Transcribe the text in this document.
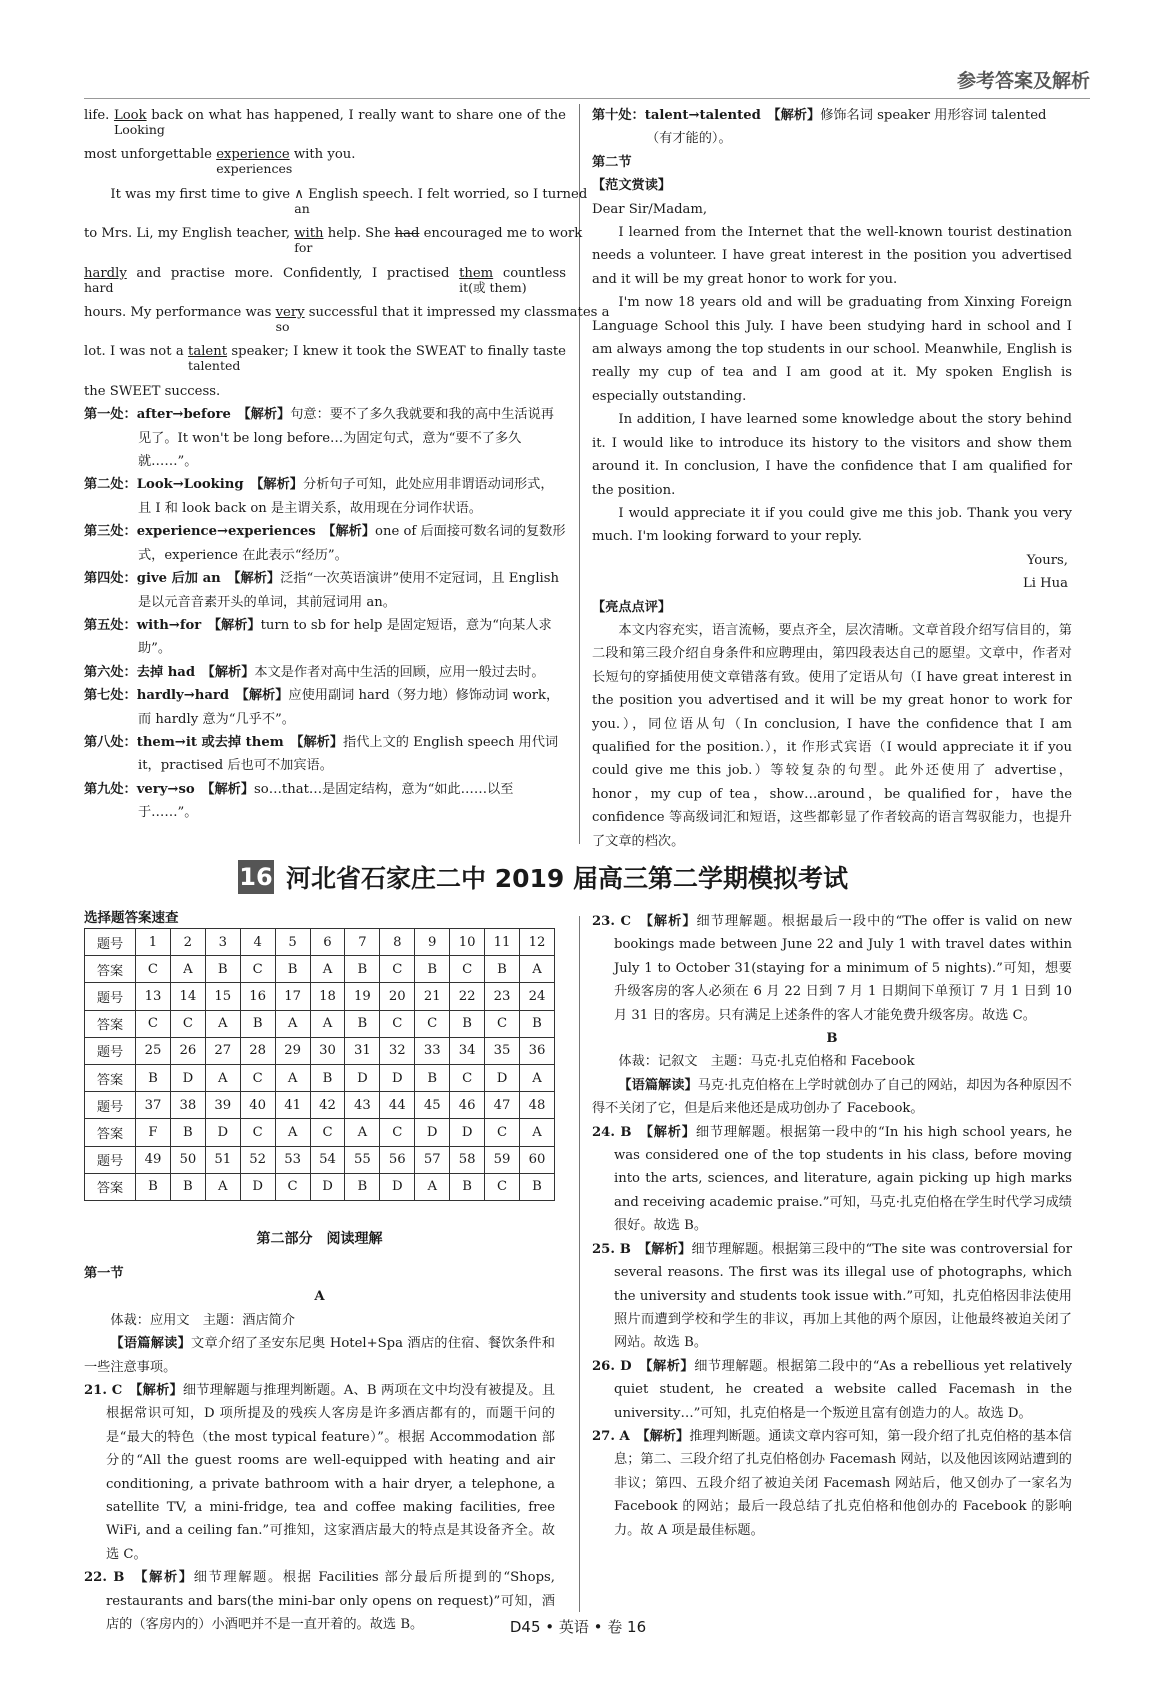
参考答案及解析
life. Look
Looking
back on what has happened, I really want to share one of the
most unforgettable experience
experiences
with you.
It was my first time to give ∧
an
English speech. I felt worried, so I turned
to Mrs. Li, my English teacher, with
for
help. She had encouraged me to work
hardly
hard
and practise more. Confidently, I practised them
it(或 them)
countless
hours. My performance was very
so
successful that it impressed my classmates a
lot. I was not a talent
talented
speaker; I knew it took the SWEAT to finally taste
the SWEET success.

第一处：after→before　 【解析】句意：要不了多久我就要和我的高中生活说再见了。It won't be long before…为固定句式，意为“要不了多久就……”。

第二处：Look→Looking　 【解析】分析句子可知，此处应用非谓语动词形式，且 I 和 look back on 是主谓关系，故用现在分词作状语。

第三处：experience→experiences　 【解析】one of 后面接可数名词的复数形式，experience 在此表示“经历”。

第四处：give 后加 an　 【解析】泛指“一次英语演讲”使用不定冠词，且 English 是以元音音素开头的单词，其前冠词用 an。

第五处：with→for　 【解析】turn to sb for help 是固定短语，意为“向某人求助”。

第六处：去掉 had　 【解析】本文是作者对高中生活的回顾，应用一般过去时。

第七处：hardly→hard　 【解析】应使用副词 hard（努力地）修饰动词 work，而 hardly 意为“几乎不”。

第八处：them→it 或去掉 them　 【解析】指代上文的 English speech 用代词 it，practised 后也可不加宾语。

第九处：very→so　 【解析】so…that…是固定结构，意为“如此……以至于……”。

第十处：talent→talented　 【解析】修饰名词 speaker 用形容词 talented（有才能的）。

第二节
【范文赏读】
Dear Sir/Madam,
I learned from the Internet that the well-known tourist destination needs a volunteer. I have great interest in the position you advertised and it will be my great honor to work for you.
I'm now 18 years old and will be graduating from Xinxing Foreign Language School this July. I have been studying hard in school and I am always among the top students in our school. Meanwhile, English is really my cup of tea and I am good at it. My spoken English is especially outstanding.
In addition, I have learned some knowledge about the story behind it. I would like to introduce its history to the visitors and show them around it. In conclusion, I have the confidence that I am qualified for the position.
I would appreciate it if you could give me this job. Thank you very much. I'm looking forward to your reply.
Yours,
Li Hua
【亮点点评】
本文内容充实，语言流畅，要点齐全，层次清晰。文章首段介绍写信目的，第二段和第三段介绍自身条件和应聘理由，第四段表达自己的愿望。文章中，作者对长短句的穿插使用使文章错落有致。使用了定语从句（I have great interest in the position you advertised and it will be my great honor to work for you.），同位语从句（In conclusion, I have the confidence that I am qualified for the position.），it 作形式宾语（I would appreciate it if you could give me this job.）等较复杂的句型。此外还使用了 advertise，honor，my cup of tea，show…around，be qualified for，have the confidence 等高级词汇和短语，这些都彰显了作者较高的语言驾驭能力，也提升了文章的档次。
16 河北省石家庄二中 2019 届高三第二学期模拟考试
选择题答案速查
题号	1	2	3	4	5	6	7	8	9	10	11	12
答案	C	A	B	C	B	A	B	C	B	C	B	A
题号	13	14	15	16	17	18	19	20	21	22	23	24
答案	C	C	A	B	A	A	B	C	C	B	C	B
题号	25	26	27	28	29	30	31	32	33	34	35	36
答案	B	D	A	C	A	B	D	D	B	C	D	A
题号	37	38	39	40	41	42	43	44	45	46	47	48
答案	F	B	D	C	A	C	A	C	D	D	C	A
题号	49	50	51	52	53	54	55	56	57	58	59	60
答案	B	B	A	D	C	D	B	D	A	B	C	B
第二部分　阅读理解
第一节
A
体裁：应用文　主题：酒店简介
【语篇解读】文章介绍了圣安东尼奥 Hotel+Spa 酒店的住宿、餐饮条件和一些注意事项。

21. C　 【解析】细节理解题与推理判断题。A、B 两项在文中均没有被提及。且根据常识可知，D 项所提及的残疾人客房是许多酒店都有的，而题干问的是“最大的特色（the most typical feature）”。根据 Accommodation 部分的“All the guest rooms are well-equipped with heating and air conditioning, a private bathroom with a hair dryer, a telephone, a satellite TV, a mini-fridge, tea and coffee making facilities, free WiFi, and a ceiling fan.”可推知，这家酒店最大的特点是其设备齐全。故选 C。

22. B　 【解析】细节理解题。根据 Facilities 部分最后所提到的“Shops, restaurants and bars(the mini-bar only opens on request)”可知，酒店的（客房内的）小酒吧并不是一直开着的。故选 B。

23. C　 【解析】细节理解题。根据最后一段中的“The offer is valid on new bookings made between June 22 and July 1 with travel dates within July 1 to October 31(staying for a minimum of 5 nights).”可知，想要升级客房的客人必须在 6 月 22 日到 7 月 1 日期间下单预订 7 月 1 日到 10 月 31 日的客房。只有满足上述条件的客人才能免费升级客房。故选 C。

B
体裁：记叙文　主题：马克·扎克伯格和 Facebook
【语篇解读】马克·扎克伯格在上学时就创办了自己的网站，却因为各种原因不得不关闭了它，但是后来他还是成功创办了 Facebook。

24. B　 【解析】细节理解题。根据第一段中的“In his high school years, he was considered one of the top students in his class, before moving into the arts, sciences, and literature, again picking up high marks and receiving academic praise.”可知，马克·扎克伯格在学生时代学习成绩很好。故选 B。

25. B　 【解析】细节理解题。根据第三段中的“The site was controversial for several reasons. The first was its illegal use of photographs, which the university and students took issue with.”可知，扎克伯格因非法使用照片而遭到学校和学生的非议，再加上其他的两个原因，让他最终被迫关闭了网站。故选 B。

26. D　 【解析】细节理解题。根据第二段中的“As a rebellious yet relatively quiet student, he created a website called Facemash in the university…”可知，扎克伯格是一个叛逆且富有创造力的人。故选 D。

27. A　 【解析】推理判断题。通读文章内容可知，第一段介绍了扎克伯格的基本信息；第二、三段介绍了扎克伯格创办 Facemash 网站，以及他因该网站遭到的非议；第四、五段介绍了被迫关闭 Facemash 网站后，他又创办了一家名为 Facebook 的网站；最后一段总结了扎克伯格和他创办的 Facebook 的影响力。故 A 项是最佳标题。

D45 • 英语 • 卷 16
